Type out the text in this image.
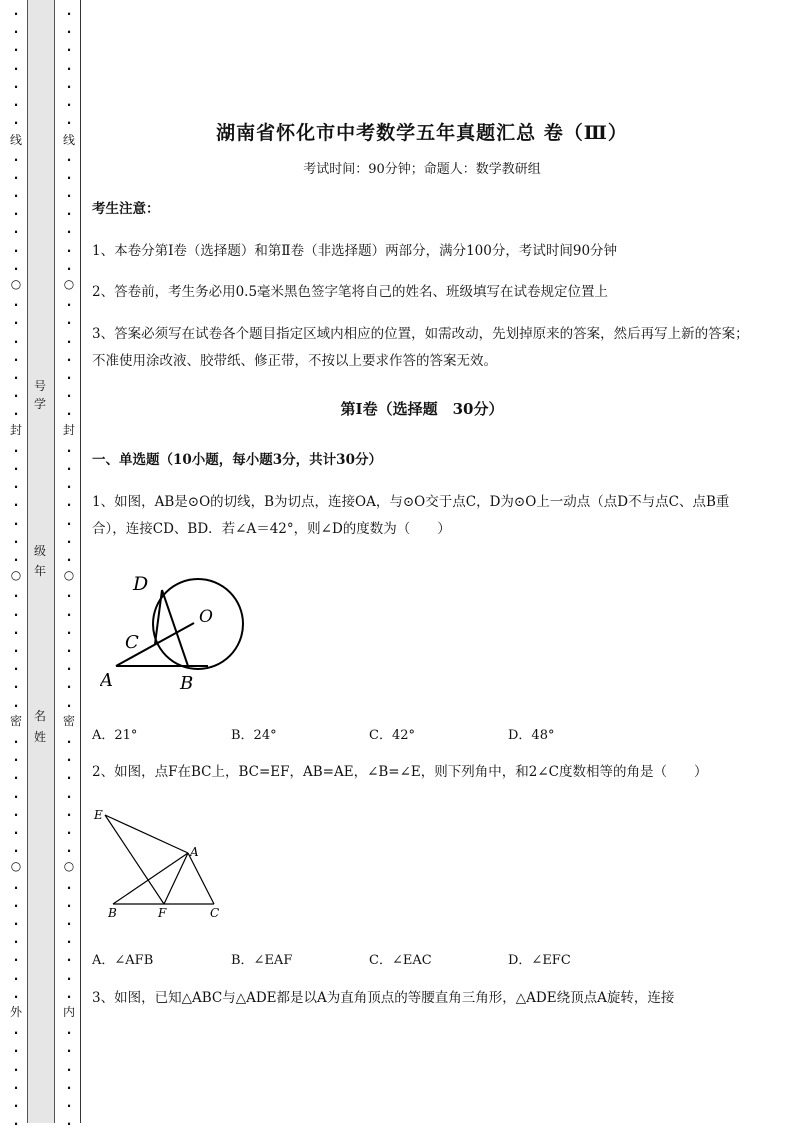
线
○
封
○
密
○
外
·
·
·
·
·
·
·
·
·
·
·
·
·
·
·
·
·
·
·
·
·
·
·
·
·
·
·
·
·
·
·
·
·
·
·
·
·
·
·
·
·
·
·
·
·
·
·
·
·
·
·
·
·
·
·
线
○
封
○
密
○
内
·
·
·
·
·
·
·
·
·
·
·
·
·
·
·
·
·
·
·
·
·
·
·
·
·
·
·
·
·
·
·
·
·
·
·
·
·
·
·
·
·
·
·
·
·
·
·
·
·
·
·
·
·
·
·
号
学
级
年
名
姓
湖南省怀化市中考数学五年真题汇总 卷（Ⅲ）
考试时间：90分钟；命题人：数学教研组
考生注意：
1、本卷分第Ⅰ卷（选择题）和第Ⅱ卷（非选择题）两部分，满分100分，考试时间90分钟
2、答卷前，考生务必用0.5毫米黑色签字笔将自己的姓名、班级填写在试卷规定位置上
3、答案必须写在试卷各个题目指定区域内相应的位置，如需改动，先划掉原来的答案，然后再写上新的答案；不准使用涂改液、胶带纸、修正带，不按以上要求作答的答案无效。
第Ⅰ卷（选择题　30分）
一、单选题（10小题，每小题3分，共计30分）
1、如图，AB是⊙O的切线，B为切点，连接OA，与⊙O交于点C，D为⊙O上一动点（点D不与点C、点B重合），连接CD、BD．若∠A＝42°，则∠D的度数为（　　）
D
O
C
A	B
A．21°	B．24°	C．42°	D．48°
2、如图，点F在BC上，BC=EF，AB=AE，∠B=∠E，则下列角中，和2∠C度数相等的角是（　　）
E
A
B	F	C
A．∠AFB	B．∠EAF	C．∠EAC	D．∠EFC
3、如图，已知△ABC与△ADE都是以A为直角顶点的等腰直角三角形，△ADE绕顶点A旋转，连接
